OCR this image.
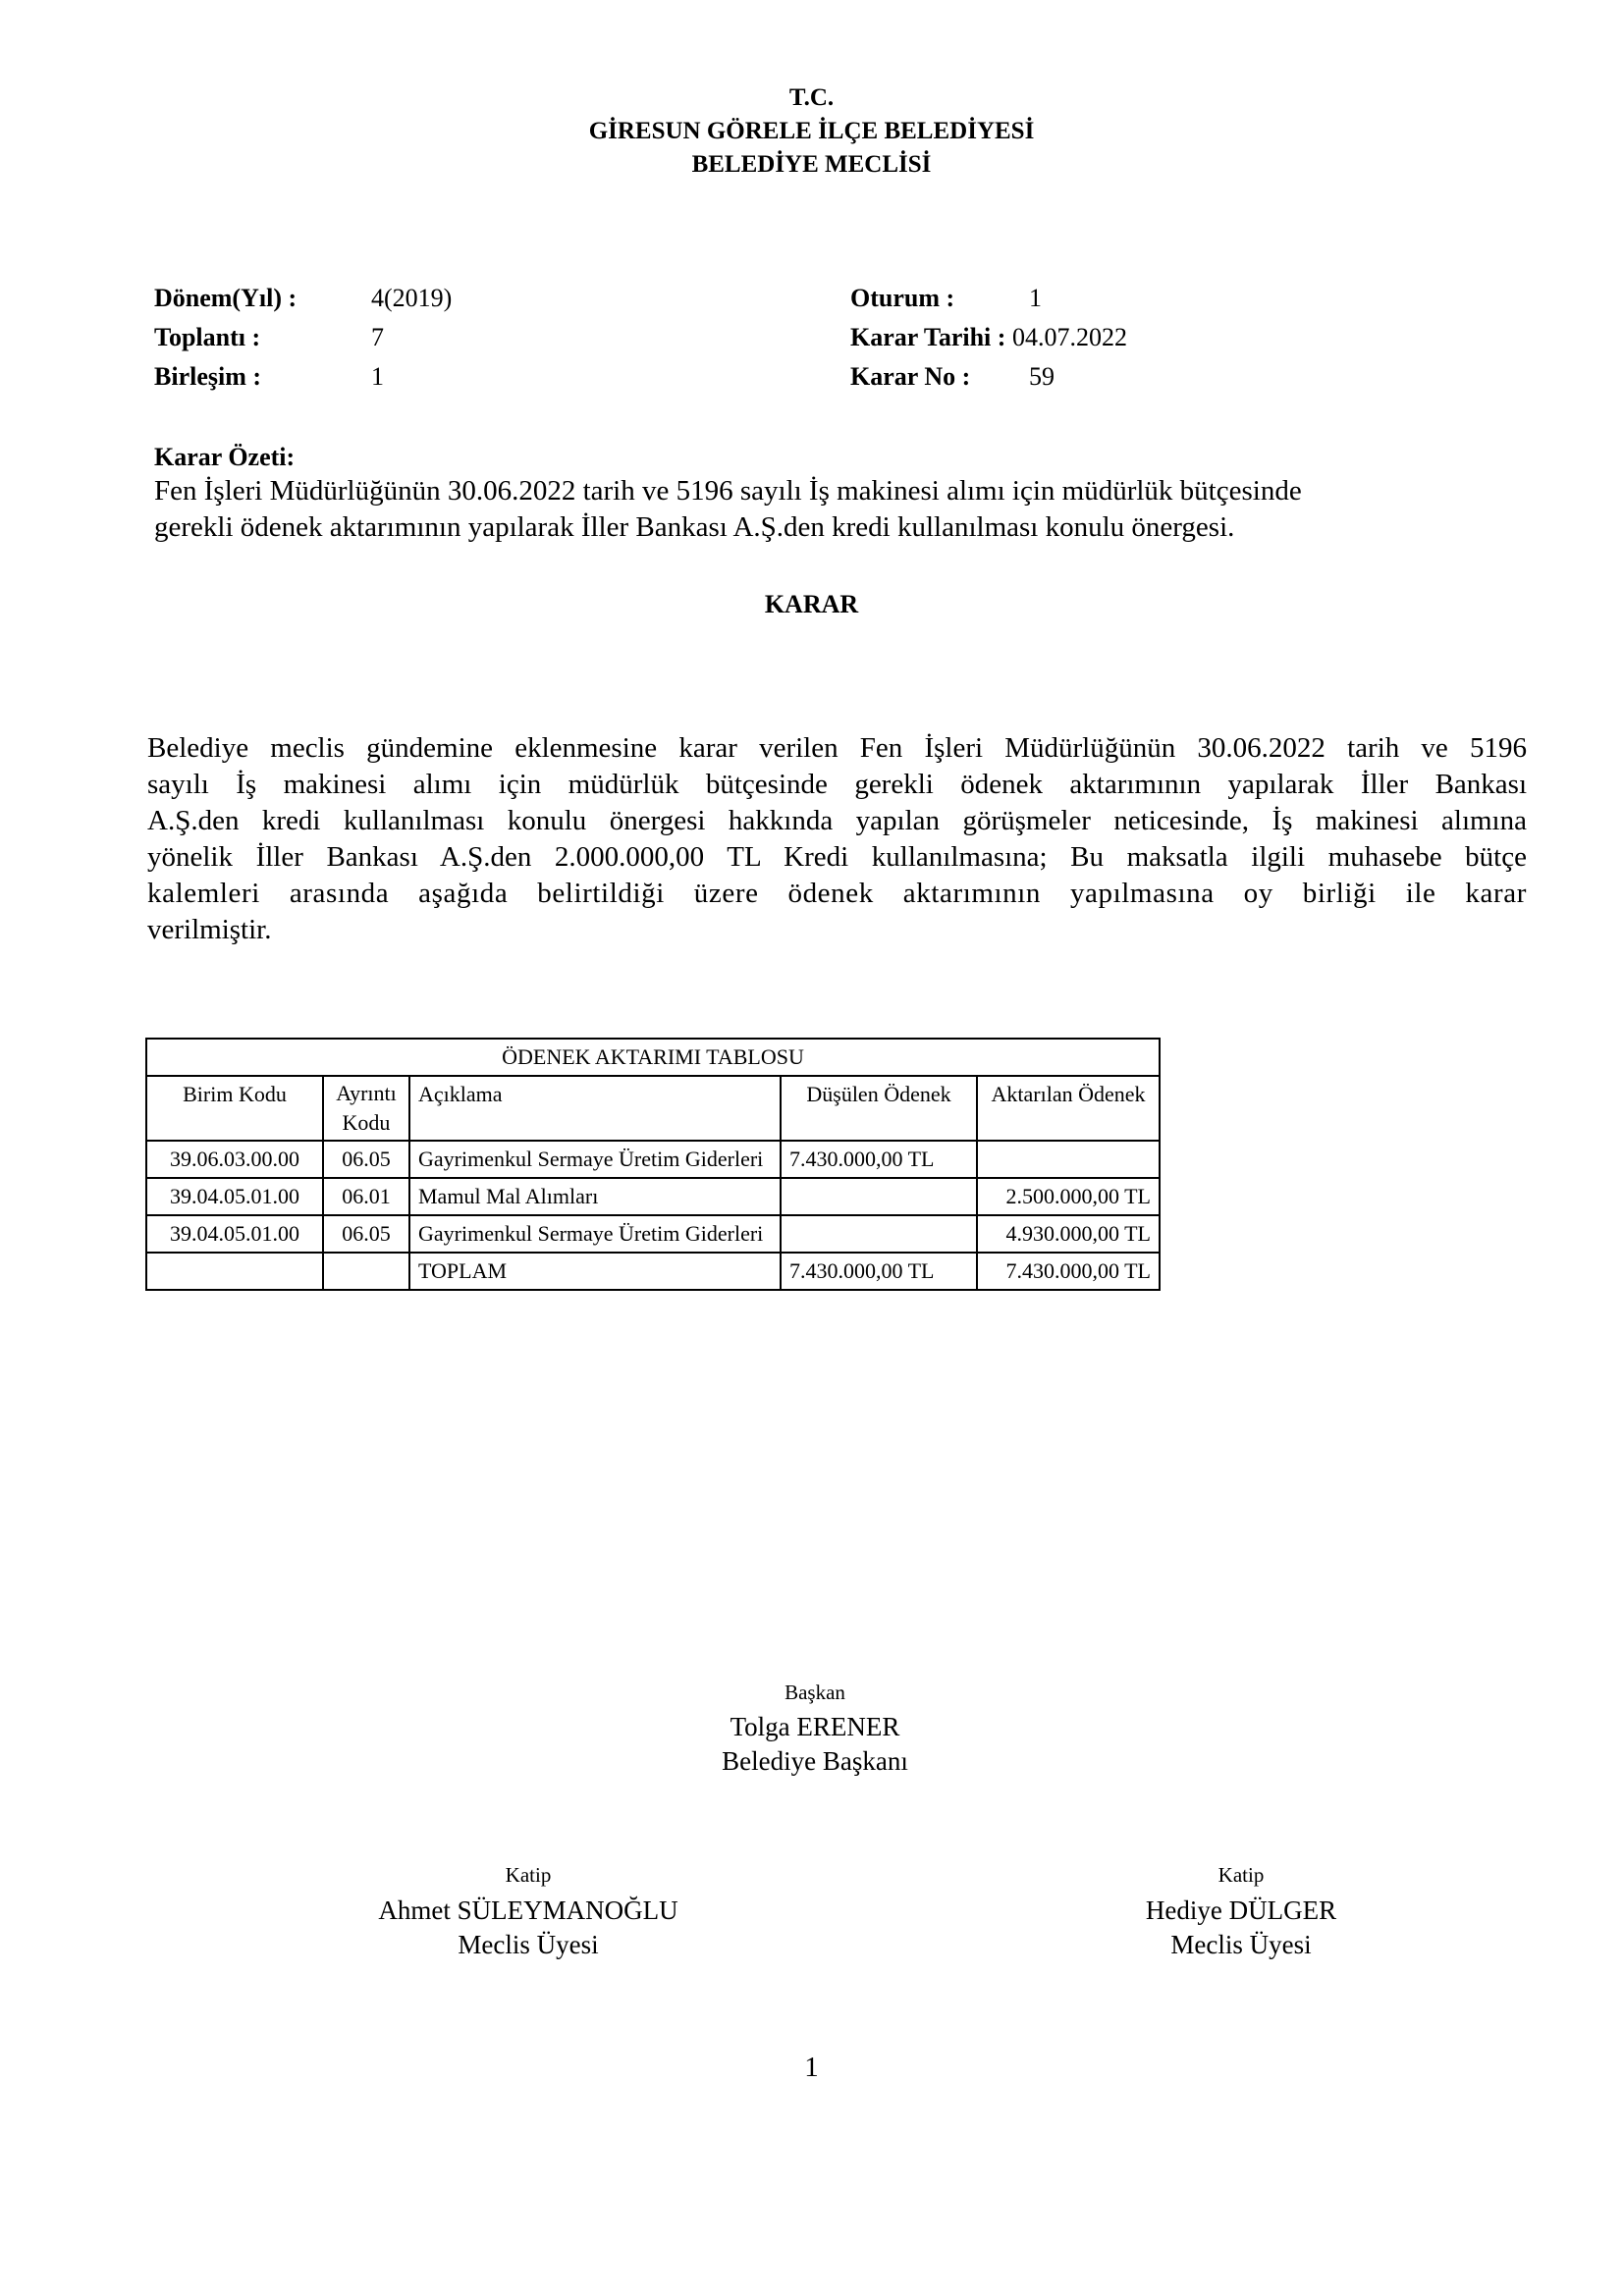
T.C.
GİRESUN GÖRELE İLÇE BELEDİYESİ
BELEDİYE MECLİSİ
Dönem(Yıl) :	4(2019)
Toplantı :	7
Birleşim :	1
Oturum :	1
Karar Tarihi : 04.07.2022
Karar No : 59
Karar Özeti:
Fen İşleri Müdürlüğünün 30.06.2022 tarih ve 5196 sayılı İş makinesi alımı için müdürlük bütçesinde
gerekli ödenek aktarımının yapılarak İller Bankası A.Ş.den kredi kullanılması konulu önergesi.
KARAR
Belediye meclis gündemine eklenmesine karar verilen Fen İşleri Müdürlüğünün 30.06.2022 tarih ve 5196
sayılı İş makinesi alımı için müdürlük bütçesinde gerekli ödenek aktarımının yapılarak İller Bankası
A.Ş.den kredi kullanılması konulu önergesi hakkında yapılan görüşmeler neticesinde, İş makinesi alımına
yönelik İller Bankası A.Ş.den 2.000.000,00 TL Kredi kullanılmasına; Bu maksatla ilgili muhasebe bütçe
kalemleri arasında aşağıda belirtildiği üzere ödenek aktarımının yapılmasına oy birliği ile karar
verilmiştir.
ÖDENEK AKTARIMI TABLOSU				
Birim Kodu	Ayrıntı Kodu	Açıklama	Düşülen Ödenek	Aktarılan Ödenek
39.06.03.00.00	06.05	Gayrimenkul Sermaye Üretim Giderleri	7.430.000,00 TL	
39.04.05.01.00	06.01	Mamul Mal Alımları		2.500.000,00 TL
39.04.05.01.00	06.05	Gayrimenkul Sermaye Üretim Giderleri		4.930.000,00 TL
		TOPLAM	7.430.000,00 TL	7.430.000,00 TL
Başkan
Tolga ERENER
Belediye Başkanı
Katip
Ahmet SÜLEYMANOĞLU
Meclis Üyesi
Katip
Hediye DÜLGER
Meclis Üyesi
1
